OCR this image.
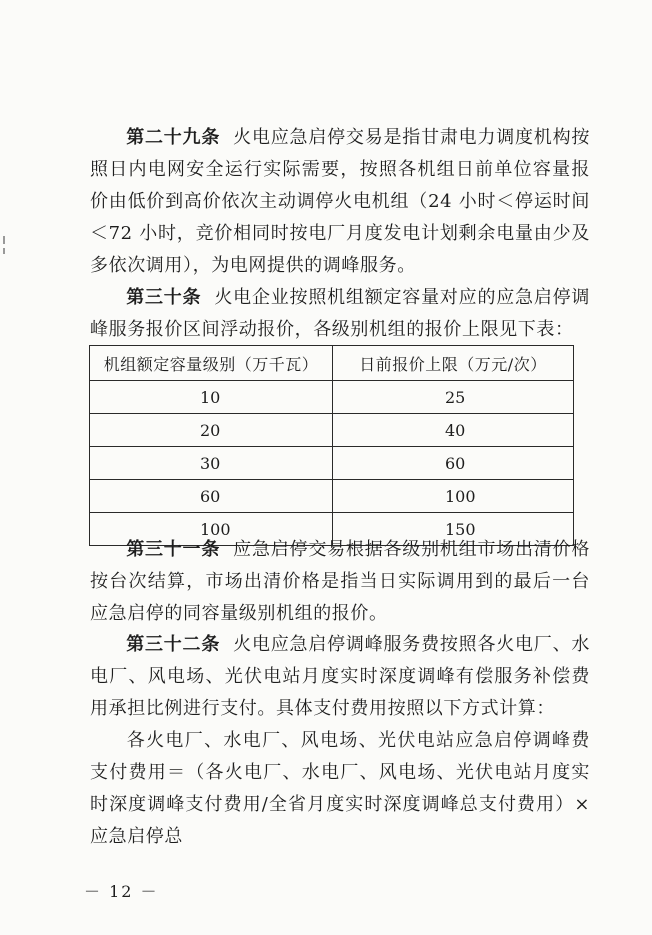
第二十九条 火电应急启停交易是指甘肃电力调度机构按照日内电网安全运行实际需要，按照各机组日前单位容量报价由低价到高价依次主动调停火电机组（24 小时＜停运时间＜72 小时，竞价相同时按电厂月度发电计划剩余电量由少及多依次调用），为电网提供的调峰服务。
第三十条 火电企业按照机组额定容量对应的应急启停调峰服务报价区间浮动报价，各级别机组的报价上限见下表：
机组额定容量级别（万千瓦）	日前报价上限（万元/次）
10	25
20	40
30	60
60	100
100	150
第三十一条 应急启停交易根据各级别机组市场出清价格按台次结算，市场出清价格是指当日实际调用到的最后一台应急启停的同容量级别机组的报价。
第三十二条 火电应急启停调峰服务费按照各火电厂、水电厂、风电场、光伏电站月度实时深度调峰有偿服务补偿费用承担比例进行支付。具体支付费用按照以下方式计算：
各火电厂、水电厂、风电场、光伏电站应急启停调峰费支付费用＝（各火电厂、水电厂、风电场、光伏电站月度实时深度调峰支付费用/全省月度实时深度调峰总支付费用）×应急启停总
－ 12 －
